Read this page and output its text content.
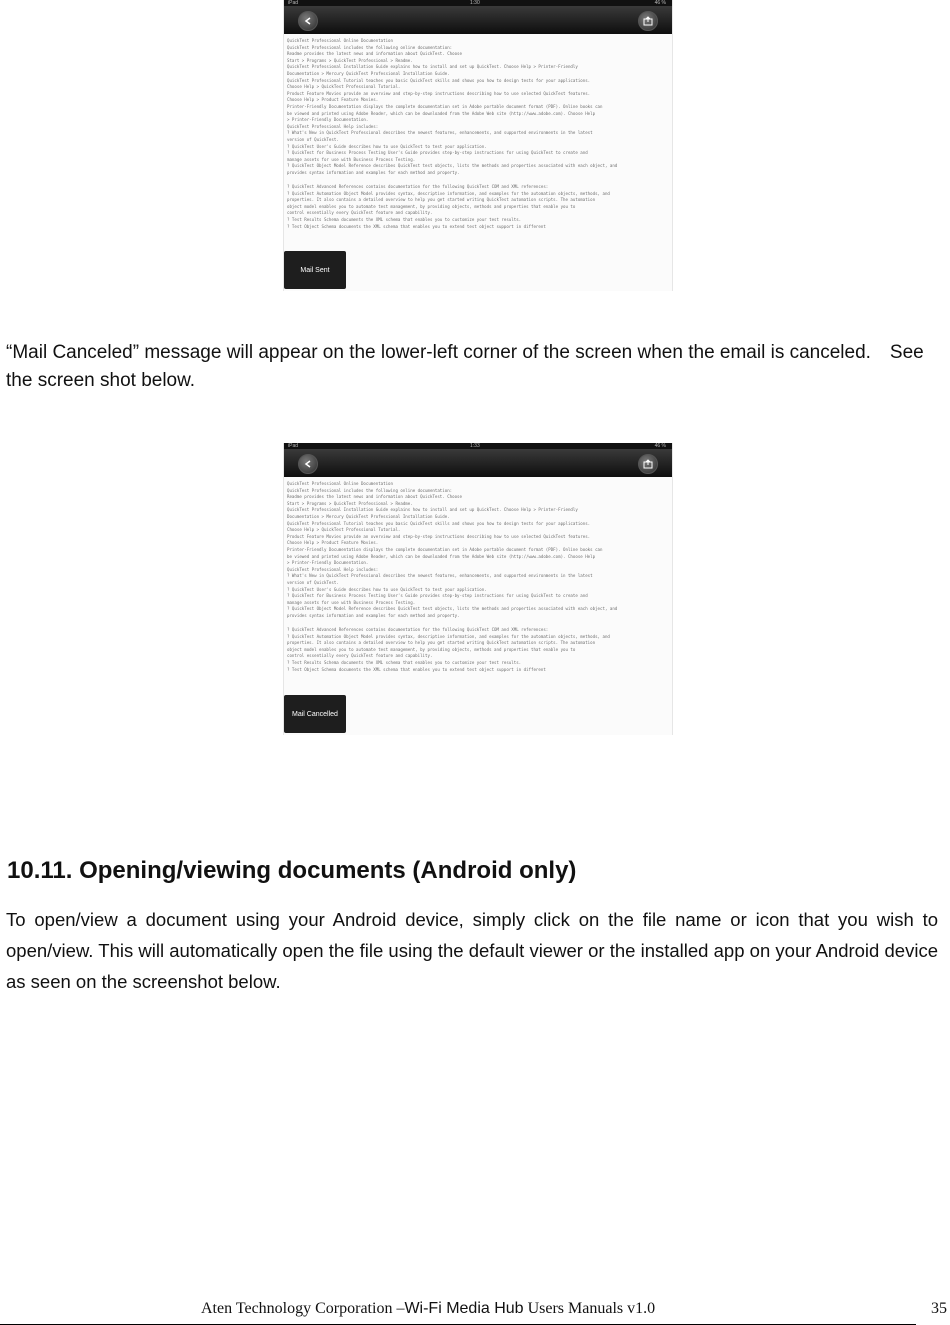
iPad	1:30	46 %
QuickTest Professional Online Documentation
QuickTest Professional includes the following online documentation:
Readme provides the latest news and information about QuickTest. Choose
Start > Programs > QuickTest Professional > Readme.
QuickTest Professional Installation Guide explains how to install and set up QuickTest. Choose Help > Printer-Friendly
Documentation > Mercury QuickTest Professional Installation Guide.
QuickTest Professional Tutorial teaches you basic QuickTest skills and shows you how to design tests for your applications.
Choose Help > QuickTest Professional Tutorial.
Product Feature Movies provide an overview and step-by-step instructions describing how to use selected QuickTest features.
Choose Help > Product Feature Movies.
Printer-Friendly Documentation displays the complete documentation set in Adobe portable document format (PDF). Online books can
be viewed and printed using Adobe Reader, which can be downloaded from the Adobe Web site (http://www.adobe.com). Choose Help
> Printer-Friendly Documentation.
QuickTest Professional Help includes:
? What's New in QuickTest Professional describes the newest features, enhancements, and supported environments in the latest
version of QuickTest.
? QuickTest User's Guide describes how to use QuickTest to test your application.
? QuickTest for Business Process Testing User's Guide provides step-by-step instructions for using QuickTest to create and
manage assets for use with Business Process Testing.
? QuickTest Object Model Reference describes QuickTest test objects, lists the methods and properties associated with each object, and
provides syntax information and examples for each method and property.
? QuickTest Advanced References contains documentation for the following QuickTest COM and XML references:
? QuickTest Automation Object Model provides syntax, descriptive information, and examples for the automation objects, methods, and
properties. It also contains a detailed overview to help you get started writing QuickTest automation scripts. The automation
object model enables you to automate test management, by providing objects, methods and properties that enable you to
control essentially every QuickTest feature and capability.
? Test Results Schema documents the XML schema that enables you to customize your test results.
? Test Object Schema documents the XML schema that enables you to extend test object support in different
Mail Sent

“Mail Canceled” message will appear on the lower-left corner of the screen when the email is canceled.　See the screen shot below.

iPad	1:33	46 %
QuickTest Professional Online Documentation
QuickTest Professional includes the following online documentation:
Readme provides the latest news and information about QuickTest. Choose
Start > Programs > QuickTest Professional > Readme.
QuickTest Professional Installation Guide explains how to install and set up QuickTest. Choose Help > Printer-Friendly
Documentation > Mercury QuickTest Professional Installation Guide.
QuickTest Professional Tutorial teaches you basic QuickTest skills and shows you how to design tests for your applications.
Choose Help > QuickTest Professional Tutorial.
Product Feature Movies provide an overview and step-by-step instructions describing how to use selected QuickTest features.
Choose Help > Product Feature Movies.
Printer-Friendly Documentation displays the complete documentation set in Adobe portable document format (PDF). Online books can
be viewed and printed using Adobe Reader, which can be downloaded from the Adobe Web site (http://www.adobe.com). Choose Help
> Printer-Friendly Documentation.
QuickTest Professional Help includes:
? What's New in QuickTest Professional describes the newest features, enhancements, and supported environments in the latest
version of QuickTest.
? QuickTest User's Guide describes how to use QuickTest to test your application.
? QuickTest for Business Process Testing User's Guide provides step-by-step instructions for using QuickTest to create and
manage assets for use with Business Process Testing.
? QuickTest Object Model Reference describes QuickTest test objects, lists the methods and properties associated with each object, and
provides syntax information and examples for each method and property.
? QuickTest Advanced References contains documentation for the following QuickTest COM and XML references:
? QuickTest Automation Object Model provides syntax, descriptive information, and examples for the automation objects, methods, and
properties. It also contains a detailed overview to help you get started writing QuickTest automation scripts. The automation
object model enables you to automate test management, by providing objects, methods and properties that enable you to
control essentially every QuickTest feature and capability.
? Test Results Schema documents the XML schema that enables you to customize your test results.
? Test Object Schema documents the XML schema that enables you to extend test object support in different
Mail Cancelled
10.11. Opening/viewing documents (Android only)

To open/view a document using your Android device, simply click on the file name or icon that you wish to open/view. This will automatically open the file using the default viewer or the installed app on your Android device as seen on the screenshot below.

Aten Technology Corporation –Wi-Fi Media Hub Users Manuals v1.0	35
